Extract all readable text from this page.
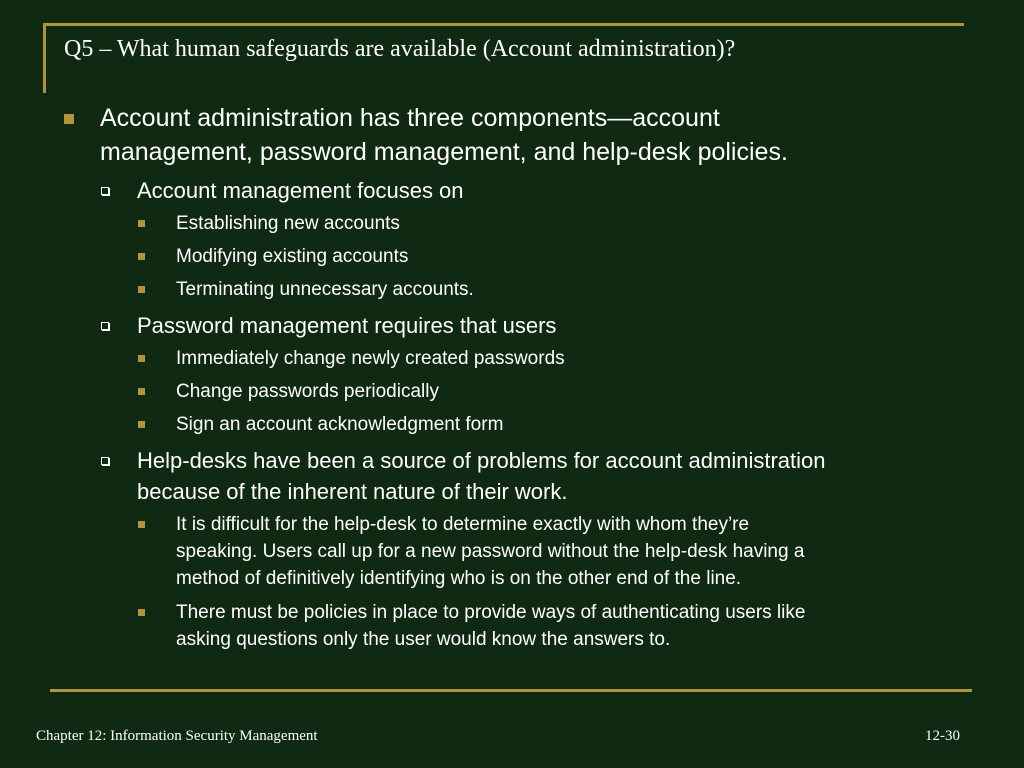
Q5 – What human safeguards are available (Account administration)?
Account administration has three components—account
management, password management, and help-desk policies.
Account management focuses on
Establishing new accounts
Modifying existing accounts
Terminating unnecessary accounts.
Password management requires that users
Immediately change newly created passwords
Change passwords periodically
Sign an account acknowledgment form
Help-desks have been a source of problems for account administration
because of the inherent nature of their work.
It is difficult for the help-desk to determine exactly with whom they’re
speaking. Users call up for a new password without the help-desk having a
method of definitively identifying who is on the other end of the line.
There must be policies in place to provide ways of authenticating users like
asking questions only the user would know the answers to.
Chapter 12: Information Security Management	12-30
